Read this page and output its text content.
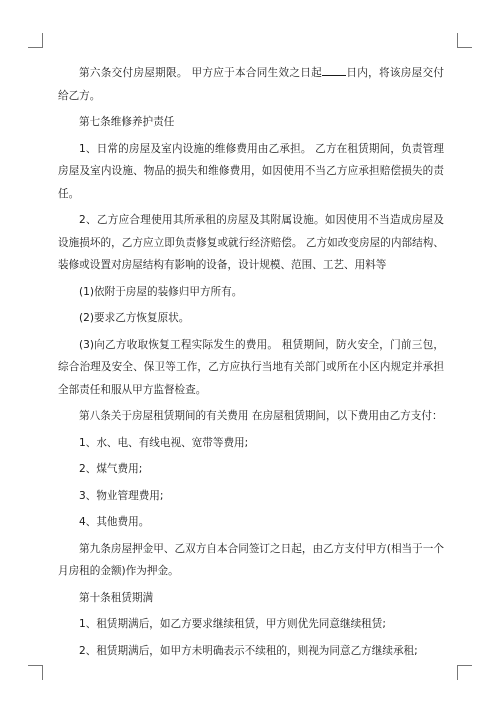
第六条交付房屋期限。 甲方应于本合同生效之日起 日内，将该房屋交付给乙方。

第七条维修养护责任

1、日常的房屋及室内设施的维修费用由乙承担。 乙方在租赁期间，负责管理房屋及室内设施、物品的损失和维修费用，如因使用不当乙方应承担赔偿损失的责任。

2、乙方应合理使用其所承租的房屋及其附属设施。如因使用不当造成房屋及设施损坏的，乙方应立即负责修复或就行经济赔偿。 乙方如改变房屋的内部结构、装修或设置对房屋结构有影响的设备，设计规模、范围、工艺、用料等

(1)依附于房屋的装修归甲方所有。

(2)要求乙方恢复原状。

(3)向乙方收取恢复工程实际发生的费用。 租赁期间，防火安全，门前三包，综合治理及安全、保卫等工作，乙方应执行当地有关部门或所在小区内规定并承担全部责任和服从甲方监督检查。

第八条关于房屋租赁期间的有关费用 在房屋租赁期间，以下费用由乙方支付：

1、水、电、有线电视、宽带等费用;

2、煤气费用;

3、物业管理费用;

4、其他费用。

第九条房屋押金甲、乙双方自本合同签订之日起，由乙方支付甲方(相当于一个月房租的金额)作为押金。

第十条租赁期满

1、租赁期满后，如乙方要求继续租赁，甲方则优先同意继续租赁;

2、租赁期满后，如甲方未明确表示不续租的，则视为同意乙方继续承租;
